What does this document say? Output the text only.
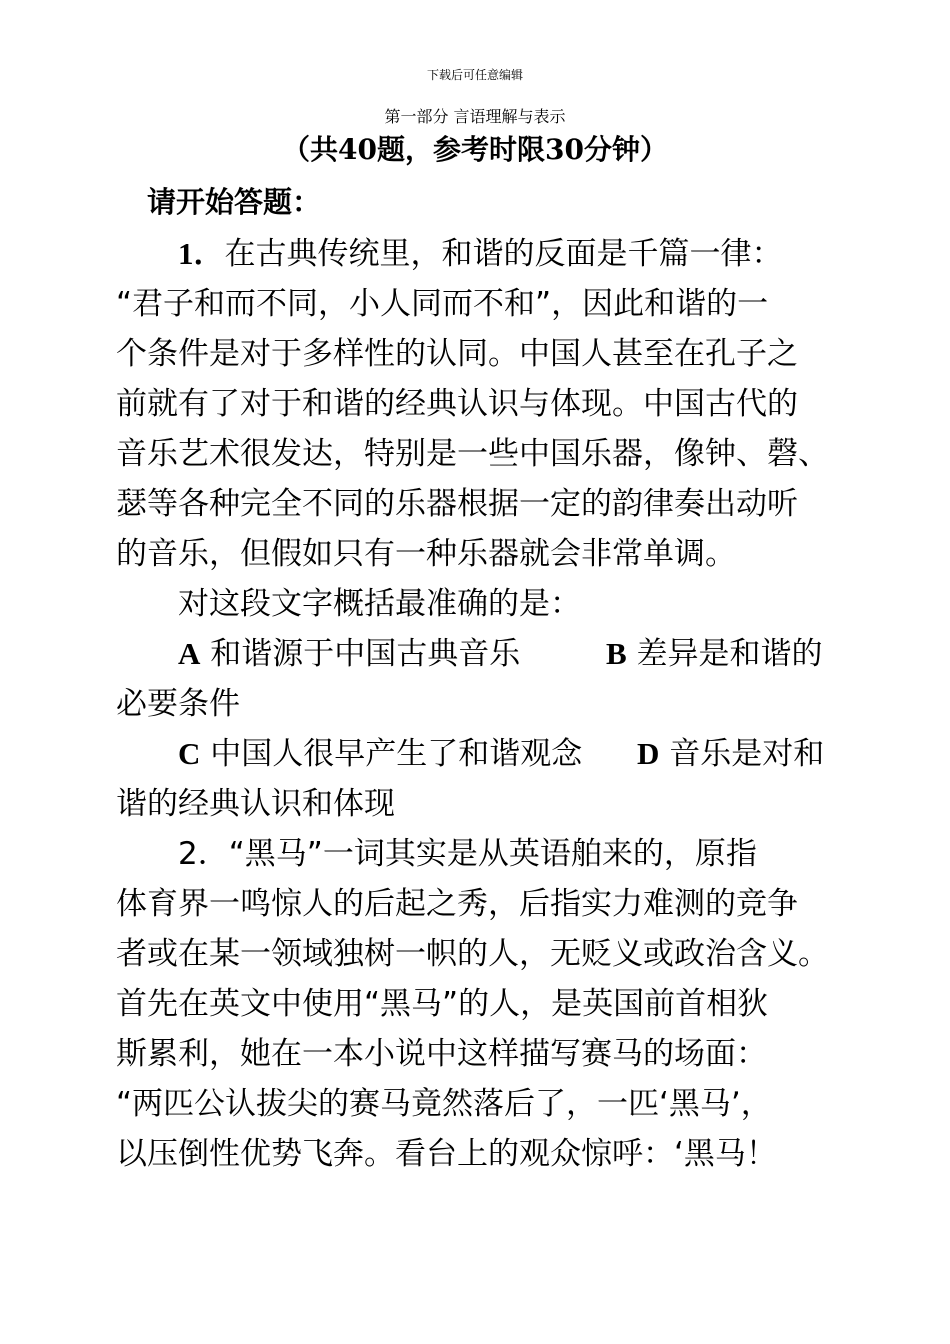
下载后可任意编辑
第一部分 言语理解与表示
（共40题，参考时限30分钟）
请开始答题：
1．在古典传统里，和谐的反面是千篇一律：
“君子和而不同，小人同而不和”，因此和谐的一
个条件是对于多样性的认同。中国人甚至在孔子之
前就有了对于和谐的经典认识与体现。中国古代的
音乐艺术很发达，特别是一些中国乐器，像钟、磬、
瑟等各种完全不同的乐器根据一定的韵律奏出动听
的音乐，但假如只有一种乐器就会非常单调。
对这段文字概括最准确的是：
A 和谐源于中国古典音乐	B 差异是和谐的
必要条件
C 中国人很早产生了和谐观念 D 音乐是对和
谐的经典认识和体现
2．“黑马”一词其实是从英语舶来的，原指
体育界一鸣惊人的后起之秀，后指实力难测的竞争
者或在某一领域独树一帜的人，无贬义或政治含义。
首先在英文中使用“黑马”的人，是英国前首相狄
斯累利，她在一本小说中这样描写赛马的场面：
“两匹公认拔尖的赛马竟然落后了，一匹‘黑马’，
以压倒性优势飞奔。看台上的观众惊呼：‘黑马！
